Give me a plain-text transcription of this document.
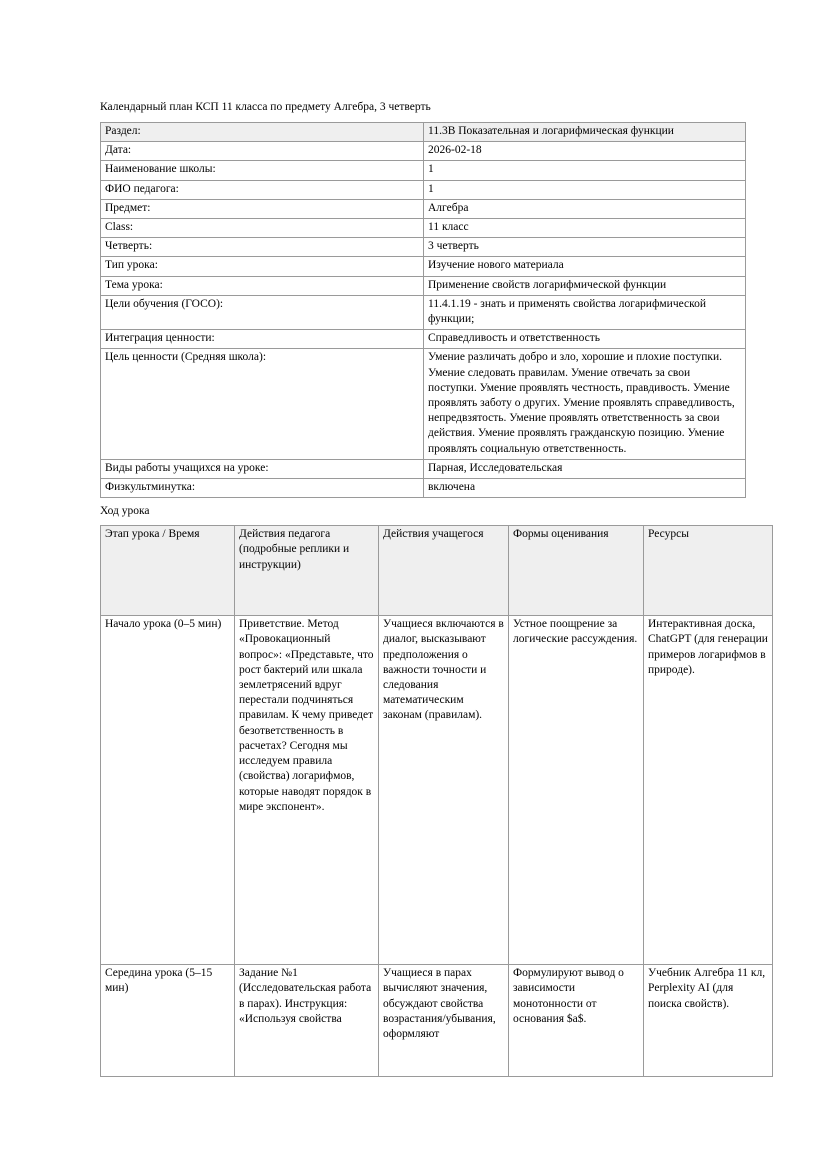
Календарный план КСП 11 класса по предмету Алгебра, 3 четверть
Раздел:	11.3В Показательная и логарифмическая функции
Дата:	2026-02-18
Наименование школы:	1
ФИО педагога:	1
Предмет:	Алгебра
Class:	11 класс
Четверть:	3 четверть
Тип урока:	Изучение нового материала
Тема урока:	Применение свойств логарифмической функции
Цели обучения (ГОСО):	11.4.1.19 - знать и применять свойства логарифмической функции;
Интеграция ценности:	Справедливость и ответственность
Цель ценности (Средняя школа):	Умение различать добро и зло, хорошие и плохие поступки. Умение следовать правилам. Умение отвечать за свои поступки. Умение проявлять честность, правдивость. Умение проявлять заботу о других. Умение проявлять справедливость, непредвзятость. Умение проявлять ответственность за свои действия. Умение проявлять гражданскую позицию. Умение проявлять социальную ответственность.
Виды работы учащихся на уроке:	Парная, Исследовательская
Физкультминутка:	включена
Ход урока
Этап урока / Время	Действия педагога (подробные реплики и инструкции)	Действия учащегося	Формы оценивания	Ресурсы
Начало урока (0–5 мин)	Приветствие. Метод «Провокационный вопрос»: «Представьте, что рост бактерий или шкала землетрясений вдруг перестали подчиняться правилам. К чему приведет безответственность в расчетах? Сегодня мы исследуем правила (свойства) логарифмов, которые наводят порядок в мире экспонент».	Учащиеся включаются в диалог, высказывают предположения о важности точности и следования математическим законам (правилам).	Устное поощрение за логические рассуждения.	Интерактивная доска, ChatGPT (для генерации примеров логарифмов в природе).
Середина урока (5–15 мин)	Задание №1 (Исследовательская работа в парах). Инструкция: «Используя свойства	Учащиеся в парах вычисляют значения, обсуждают свойства возрастания/убывания, оформляют	Формулируют вывод о зависимости монотонности от основания $a$.	Учебник Алгебра 11 кл, Perplexity AI (для поиска свойств).
